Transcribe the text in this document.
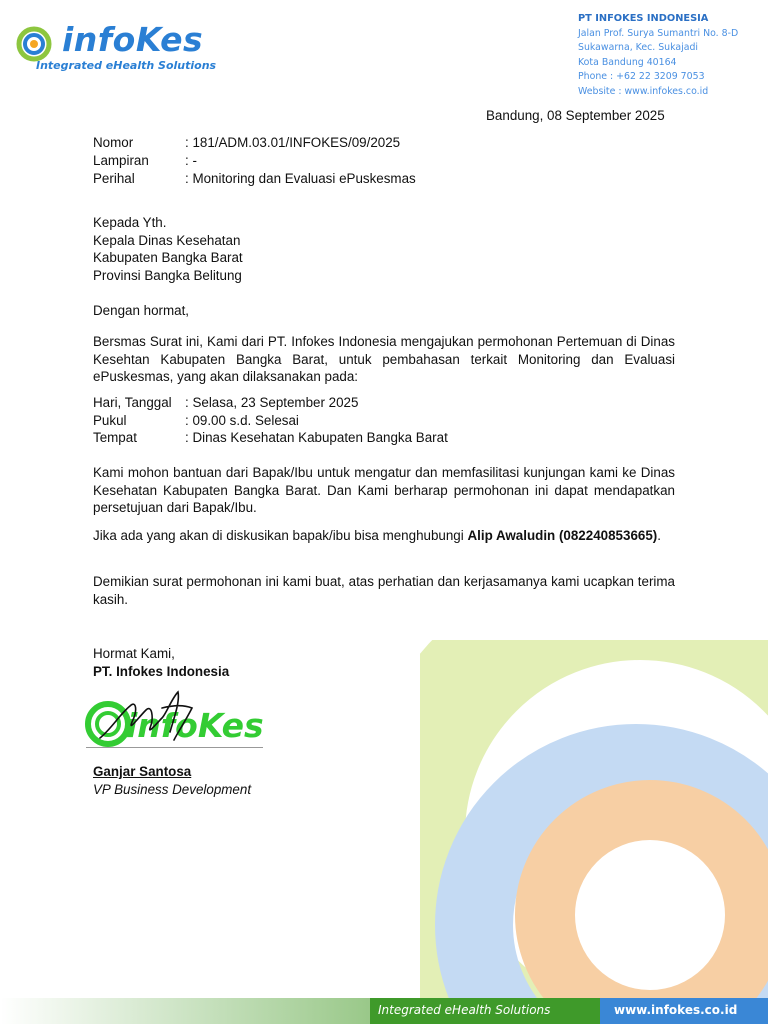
infoKes
Integrated eHealth Solutions
PT INFOKES INDONESIA
Jalan Prof. Surya Sumantri No. 8-D
Sukawarna, Kec. Sukajadi
Kota Bandung 40164
Phone : +62 22 3209 7053
Website : www.infokes.co.id
Bandung, 08 September 2025
Nomor	: 181/ADM.03.01/INFOKES/09/2025
Lampiran	: -
Perihal	: Monitoring dan Evaluasi ePuskesmas
Kepada Yth.
Kepala Dinas Kesehatan
Kabupaten Bangka Barat
Provinsi Bangka Belitung
Dengan hormat,
Bersmas Surat ini, Kami dari PT. Infokes Indonesia mengajukan permohonan Pertemuan di Dinas Kesehtan Kabupaten Bangka Barat, untuk pembahasan terkait Monitoring dan Evaluasi ePuskesmas, yang akan dilaksanakan pada:
Hari, Tanggal : Selasa, 23 September 2025
Pukul	: 09.00 s.d. Selesai
Tempat	: Dinas Kesehatan Kabupaten Bangka Barat
Kami mohon bantuan dari Bapak/Ibu untuk mengatur dan memfasilitasi kunjungan kami ke Dinas Kesehatan Kabupaten Bangka Barat. Dan Kami berharap permohonan ini dapat mendapatkan persetujuan dari Bapak/Ibu.
Jika ada yang akan di diskusikan bapak/ibu bisa menghubungi Alip Awaludin (082240853665).
Demikian surat permohonan ini kami buat, atas perhatian dan kerjasamanya kami ucapkan terima kasih.
Hormat Kami,
PT. Infokes Indonesia
infoKes
Ganjar Santosa
VP Business Development
Integrated eHealth Solutions	www.infokes.co.id
